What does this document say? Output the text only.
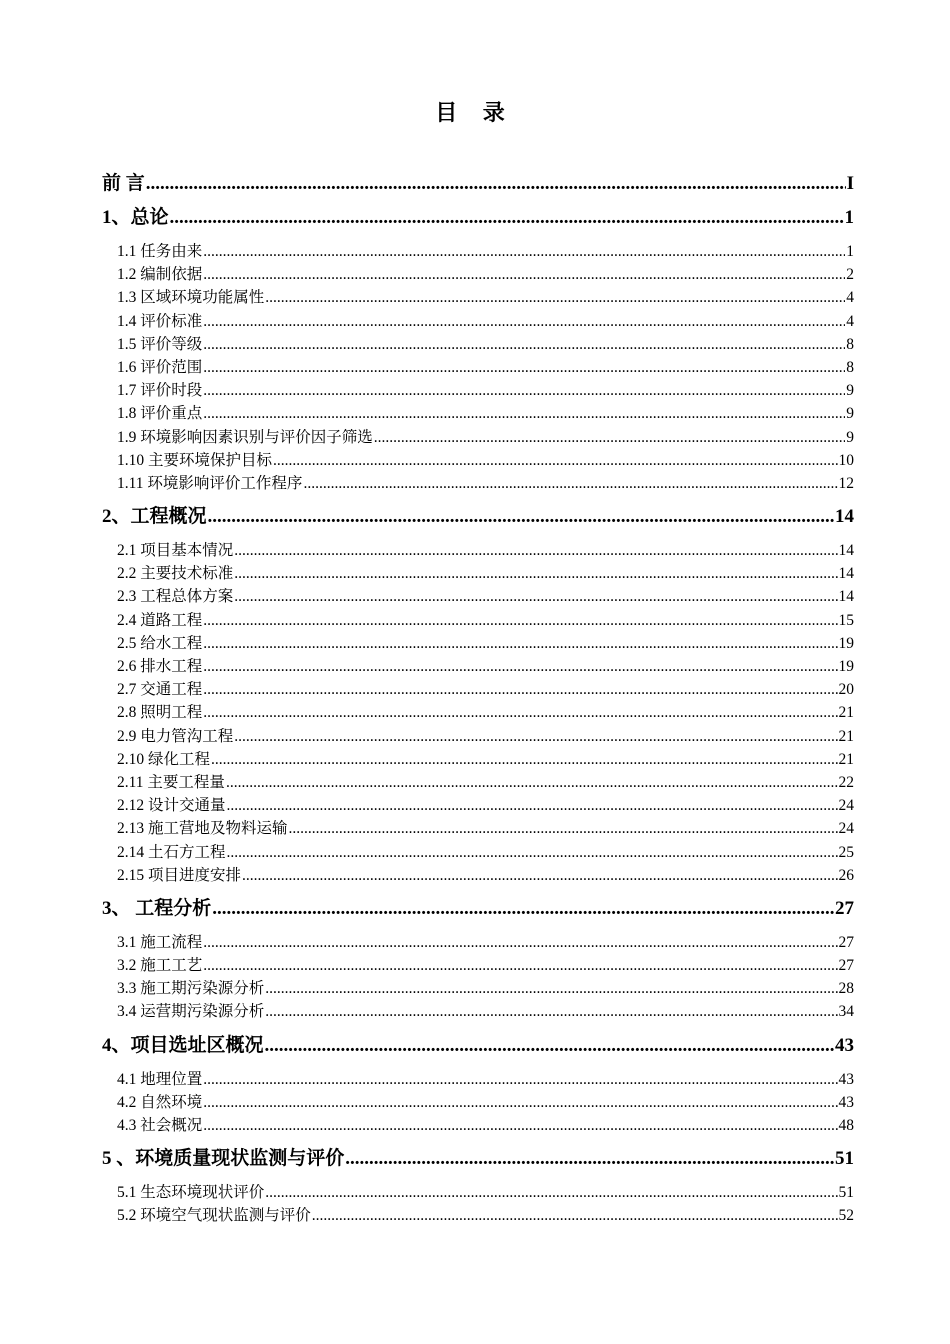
目 录
前 言 .....	I
1、总论 .....	1
1.1 任务由来 .....	1
1.2 编制依据 .....	2
1.3 区域环境功能属性 .....	4
1.4 评价标准 .....	4
1.5 评价等级 .....	8
1.6 评价范围 .....	8
1.7 评价时段 .....	9
1.8 评价重点 .....	9
1.9 环境影响因素识别与评价因子筛选 .....	9
1.10 主要环境保护目标 .....	10
1.11 环境影响评价工作程序 .....	12
2、工程概况 .....	14
2.1 项目基本情况 .....	14
2.2 主要技术标准 .....	14
2.3 工程总体方案 .....	14
2.4 道路工程 .....	15
2.5 给水工程 .....	19
2.6 排水工程 .....	19
2.7 交通工程 .....	20
2.8 照明工程 .....	21
2.9 电力管沟工程 .....	21
2.10 绿化工程 .....	21
2.11 主要工程量 .....	22
2.12 设计交通量 .....	24
2.13 施工营地及物料运输 .....	24
2.14 土石方工程 .....	25
2.15 项目进度安排 .....	26
3、 工程分析 .....	27
3.1 施工流程 .....	27
3.2 施工工艺 .....	27
3.3 施工期污染源分析 .....	28
3.4 运营期污染源分析 .....	34
4、项目选址区概况 .....	43
4.1 地理位置 .....	43
4.2 自然环境 .....	43
4.3 社会概况 .....	48
5 、环境质量现状监测与评价 .....	51
5.1 生态环境现状评价 .....	51
5.2 环境空气现状监测与评价 .....	52
